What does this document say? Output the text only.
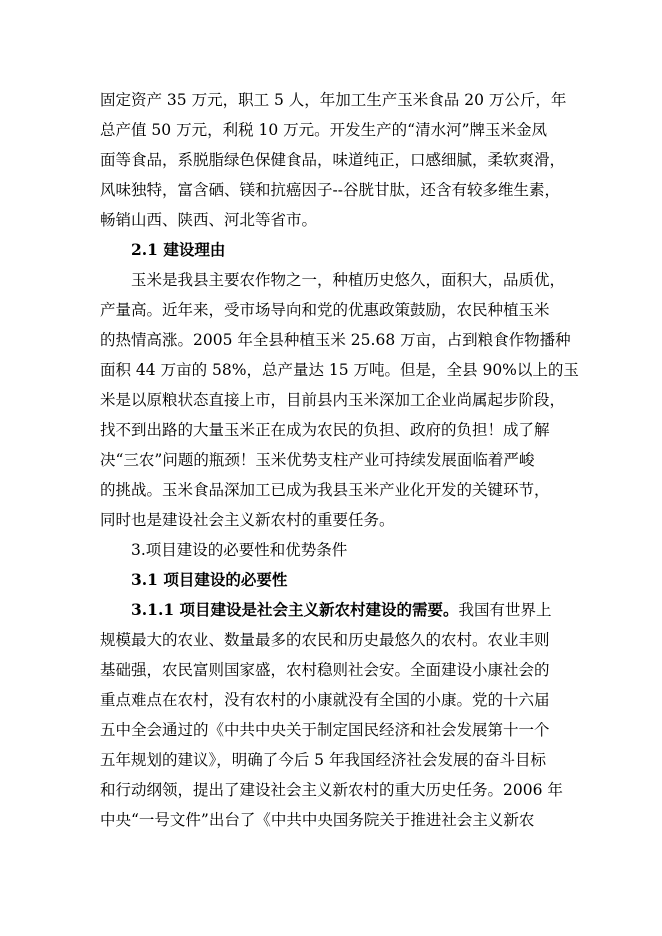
固定资产 35 万元，职工 5 人，年加工生产玉米食品 20 万公斤，年
总产值 50 万元，利税 10 万元。开发生产的“清水河”牌玉米金凤
面等食品，系脱脂绿色保健食品，味道纯正，口感细腻，柔软爽滑，
风味独特，富含硒、镁和抗癌因子--谷胱甘肽，还含有较多维生素，
畅销山西、陕西、河北等省市。
2.1 建设理由
玉米是我县主要农作物之一，种植历史悠久，面积大，品质优，
产量高。近年来，受市场导向和党的优惠政策鼓励，农民种植玉米
的热情高涨。2005 年全县种植玉米 25.68 万亩，占到粮食作物播种
面积 44 万亩的 58%，总产量达 15 万吨。但是，全县 90%以上的玉
米是以原粮状态直接上市，目前县内玉米深加工企业尚属起步阶段，
找不到出路的大量玉米正在成为农民的负担、政府的负担！成了解
决“三农”问题的瓶颈！玉米优势支柱产业可持续发展面临着严峻
的挑战。玉米食品深加工已成为我县玉米产业化开发的关键环节，
同时也是建设社会主义新农村的重要任务。
3.项目建设的必要性和优势条件
3.1 项目建设的必要性
3.1.1 项目建设是社会主义新农村建设的需要。我国有世界上
规模最大的农业、数量最多的农民和历史最悠久的农村。农业丰则
基础强，农民富则国家盛，农村稳则社会安。全面建设小康社会的
重点难点在农村，没有农村的小康就没有全国的小康。党的十六届
五中全会通过的《中共中央关于制定国民经济和社会发展第十一个
五年规划的建议》，明确了今后 5 年我国经济社会发展的奋斗目标
和行动纲领，提出了建设社会主义新农村的重大历史任务。2006 年
中央“一号文件”出台了《中共中央国务院关于推进社会主义新农
